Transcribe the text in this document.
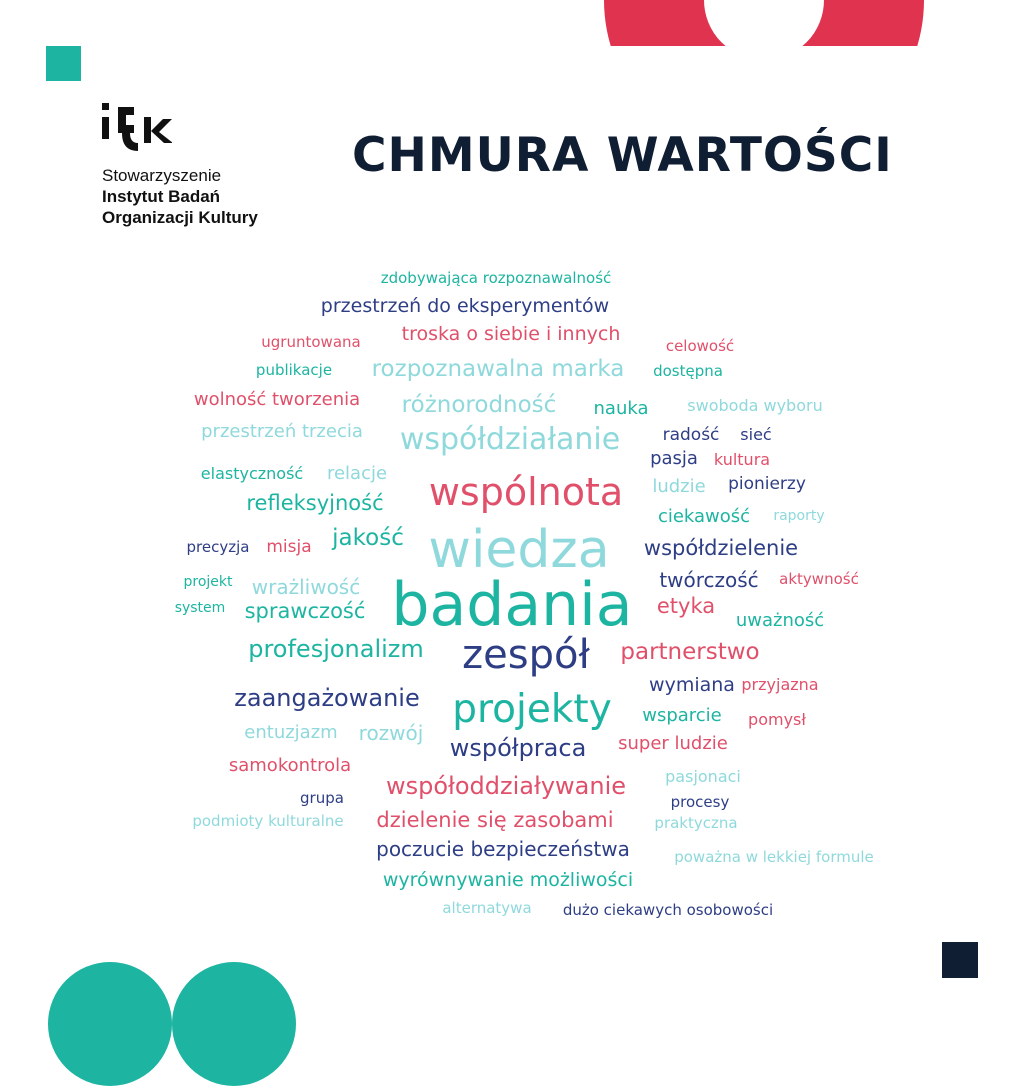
Stowarzyszenie
Instytut Badań
Organizacji Kultury
CHMURA WARTOŚCI
zdobywająca rozpoznawalność
przestrzeń do eksperymentów
ugruntowana troska o siebie i innych
celowość
publikacje rozpoznawalna marka dostępna
wolność tworzenia różnorodność nauka swoboda wyboru
przestrzeń trzecia współdziałanie radość sieć
pasja kultura
elastyczność relacje wspólnota ludzie pionierzy
refleksyjność
ciekawość raporty
jakość
precyzja misja wiedza współdzielenie
projekt wrażliwość	twórczość aktywność
system sprawczość badania etyka
uważność
profesjonalizm zespół partnerstwo
zaangażowanie	wymiana przyjazna
projekty wsparcie pomysł
entuzjazm rozwój
współpraca super ludzie
samokontrola
współoddziaływanie pasjonaci
grupa	procesy
podmioty kulturalne dzielenie się zasobami	praktyczna
poczucie bezpieczeństwa	poważna w lekkiej formule
wyrównywanie możliwości
alternatywa dużo ciekawych osobowości
